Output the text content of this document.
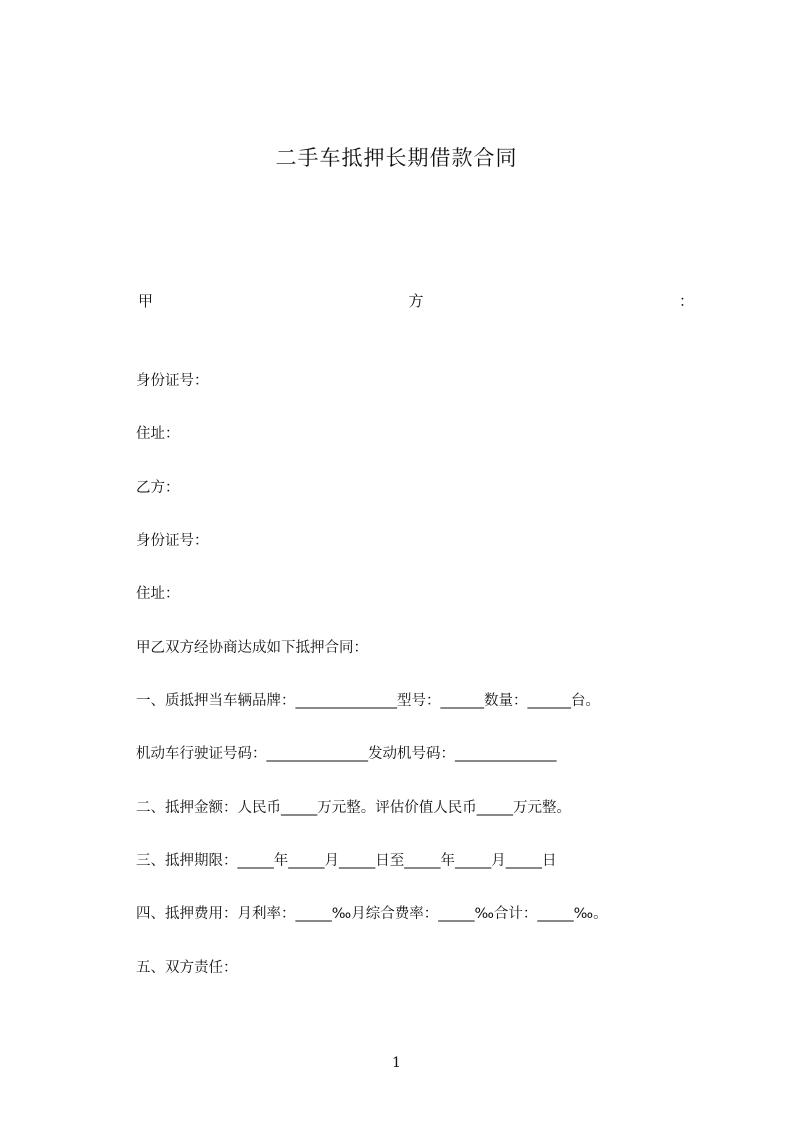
二手车抵押长期借款合同
甲	方	：
身份证号：
住址：
乙方：
身份证号：
住址：
甲乙双方经协商达成如下抵押合同：
一、质抵押当车辆品牌：______________型号：______数量：______台。
机动车行驶证号码：______________发动机号码：______________
二、抵押金额：人民币_____万元整。评估价值人民币_____万元整。
三、抵押期限：_____年_____月_____日至_____年_____月_____日
四、抵押费用：月利率：_____‰月综合费率：_____‰合计：_____‰。
五、双方责任：
1
